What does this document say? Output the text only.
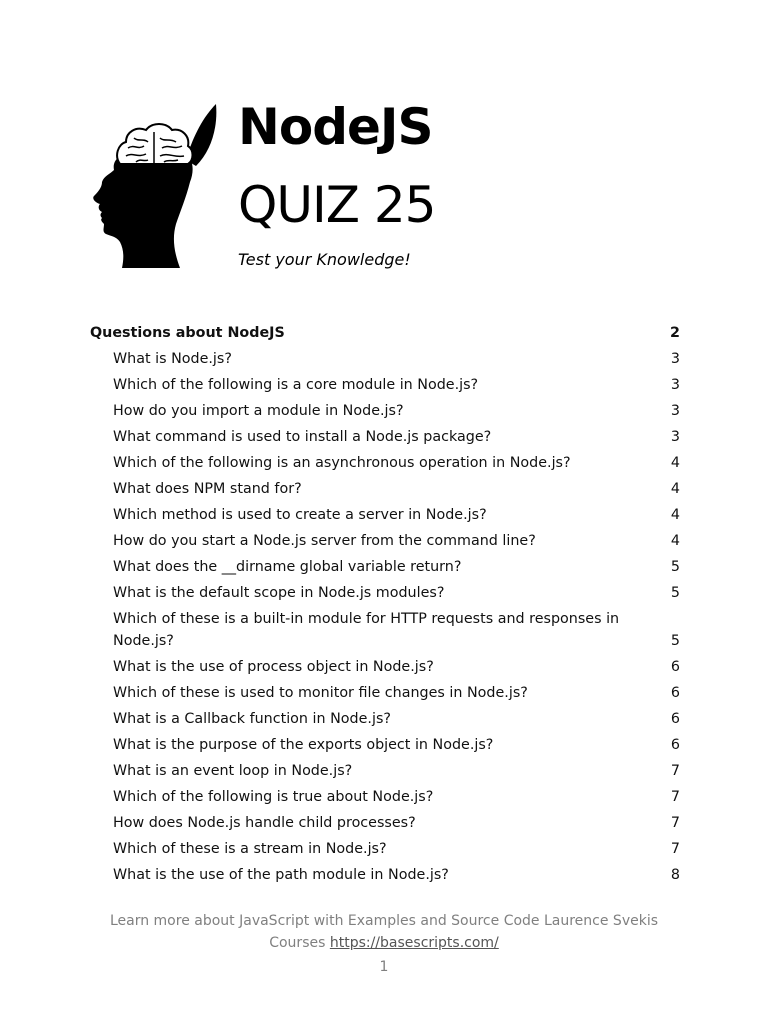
NodeJS
QUIZ 25
Test your Knowledge!
Questions about NodeJS	2
What is Node.js?	3
Which of the following is a core module in Node.js?	3
How do you import a module in Node.js?	3
What command is used to install a Node.js package?	3
Which of the following is an asynchronous operation in Node.js?	4
What does NPM stand for?	4
Which method is used to create a server in Node.js?	4
How do you start a Node.js server from the command line?	4
What does the __dirname global variable return?	5
What is the default scope in Node.js modules?	5
Which of these is a built-in module for HTTP requests and responses in Node.js?	5
What is the use of process object in Node.js?	6
Which of these is used to monitor file changes in Node.js?	6
What is a Callback function in Node.js?	6
What is the purpose of the exports object in Node.js?	6
What is an event loop in Node.js?	7
Which of the following is true about Node.js?	7
How does Node.js handle child processes?	7
Which of these is a stream in Node.js?	7
What is the use of the path module in Node.js?	8
Learn more about JavaScript with Examples and Source Code Laurence Svekis
Courses https://basescripts.com/
1
